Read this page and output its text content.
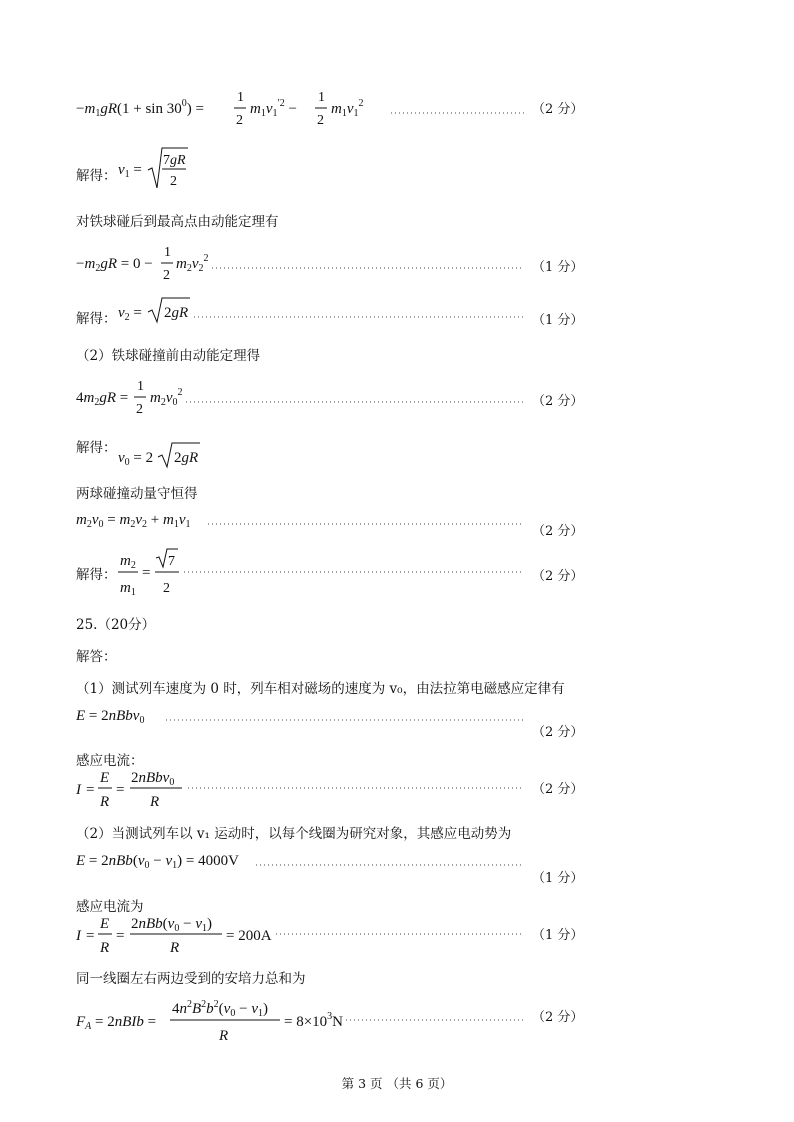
$-m_1gR(1 + \sin 30^0)$ =
1
2
$m_1v_1^{'2}$ −
1
2
$m_1v_1^2$	（2 分）
解得： $v_1$ =
7gR
2
对铁球碰后到最高点由动能定理有
$-m_2gR = 0$ −
1
2
$m_2v_2^2$
（1 分）
解得： $v_2 = 2gR$	（1 分）
（2）铁球碰撞前由动能定理得
$4m_2gR$ =
1
2
$m_2v_0^2$
（2 分）
解得：
$v_0 = 2$ 2gR
两球碰撞动量守恒得
$m_2v_0 = m_2v_2 + m_1v_1$	（2 分）
解得：
$m_2$
$m_1$
=
7
2
（2 分）
25.（20分）
解答：
（1）测试列车速度为 0 时，列车相对磁场的速度为 v₀，由法拉第电磁感应定律有
E = 2nBbv$_0$
（2 分）
感应电流：
I =
E
R
=
2nBbv$_0$
R
（2 分）
（2）当测试列车以 v₁ 运动时，以每个线圈为研究对象，其感应电动势为
$E = 2nBb(v_0 - v_1) = 4000V$
（1 分）
感应电流为
I =
E
R
=
$2nBb(v_0 - v_1)$
R
= 200A	（1 分）
同一线圈左右两边受到的安培力总和为
$F_A$ = 2nBIb =
$4n^2B^2b^2(v_0 - v_1)$
R
= $8\times 10^3N$	（2 分）
第 3 页 （共 6 页）
